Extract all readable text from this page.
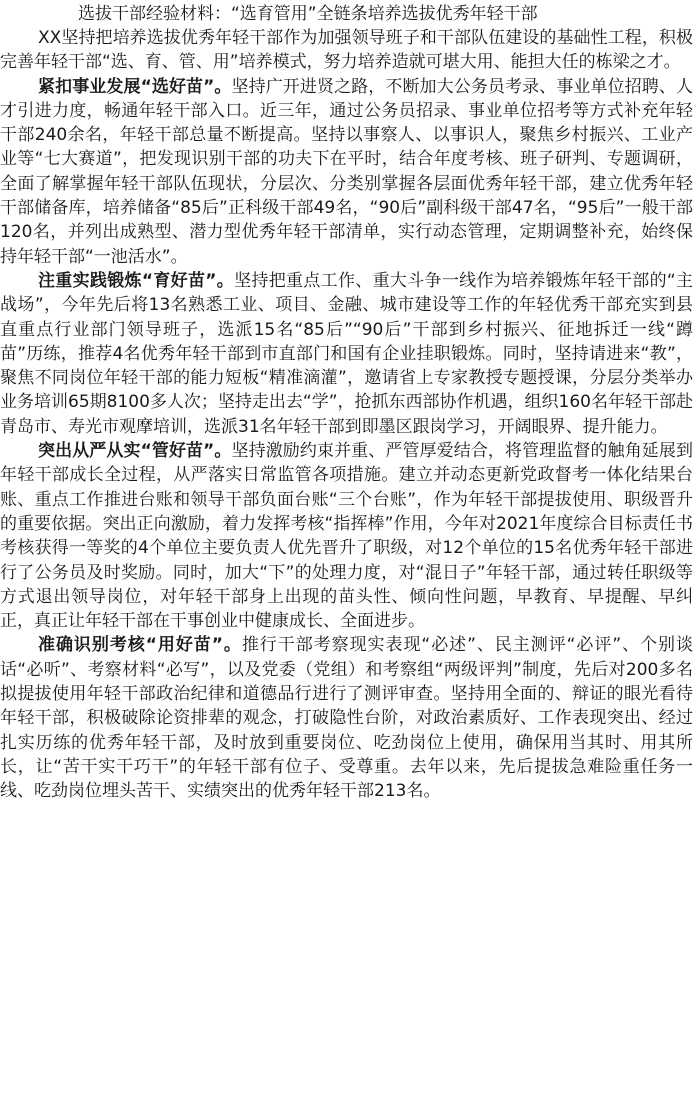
选拔干部经验材料：“选育管用”全链条培养选拔优秀年轻干部

XX坚持把培养选拔优秀年轻干部作为加强领导班子和干部队伍建设的基础性工程，积极完善年轻干部“选、育、管、用”培养模式，努力培养造就可堪大用、能担大任的栋梁之才。

紧扣事业发展“选好苗”。坚持广开进贤之路，不断加大公务员考录、事业单位招聘、人才引进力度，畅通年轻干部入口。近三年，通过公务员招录、事业单位招考等方式补充年轻干部240余名，年轻干部总量不断提高。坚持以事察人、以事识人，聚焦乡村振兴、工业产业等“七大赛道”，把发现识别干部的功夫下在平时，结合年度考核、班子研判、专题调研，全面了解掌握年轻干部队伍现状，分层次、分类别掌握各层面优秀年轻干部，建立优秀年轻干部储备库，培养储备“85后”正科级干部49名，“90后”副科级干部47名，“95后”一般干部120名，并列出成熟型、潜力型优秀年轻干部清单，实行动态管理，定期调整补充，始终保持年轻干部“一池活水”。

注重实践锻炼“育好苗”。坚持把重点工作、重大斗争一线作为培养锻炼年轻干部的“主战场”，今年先后将13名熟悉工业、项目、金融、城市建设等工作的年轻优秀干部充实到县直重点行业部门领导班子，选派15名“85后”“90后”干部到乡村振兴、征地拆迁一线“蹲苗”历练，推荐4名优秀年轻干部到市直部门和国有企业挂职锻炼。同时，坚持请进来“教”，聚焦不同岗位年轻干部的能力短板“精准滴灌”，邀请省上专家教授专题授课，分层分类举办业务培训65期8100多人次；坚持走出去“学”，抢抓东西部协作机遇，组织160名年轻干部赴青岛市、寿光市观摩培训，选派31名年轻干部到即墨区跟岗学习，开阔眼界、提升能力。

突出从严从实“管好苗”。坚持激励约束并重、严管厚爱结合，将管理监督的触角延展到年轻干部成长全过程，从严落实日常监管各项措施。建立并动态更新党政督考一体化结果台账、重点工作推进台账和领导干部负面台账“三个台账”，作为年轻干部提拔使用、职级晋升的重要依据。突出正向激励，着力发挥考核“指挥棒”作用，今年对2021年度综合目标责任书考核获得一等奖的4个单位主要负责人优先晋升了职级，对12个单位的15名优秀年轻干部进行了公务员及时奖励。同时，加大“下”的处理力度，对“混日子”年轻干部，通过转任职级等方式退出领导岗位，对年轻干部身上出现的苗头性、倾向性问题，早教育、早提醒、早纠正，真正让年轻干部在干事创业中健康成长、全面进步。

准确识别考核“用好苗”。推行干部考察现实表现“必述”、民主测评“必评”、个别谈话“必听”、考察材料“必写”，以及党委（党组）和考察组“两级评判”制度，先后对200多名拟提拔使用年轻干部政治纪律和道德品行进行了测评审查。坚持用全面的、辩证的眼光看待年轻干部，积极破除论资排辈的观念，打破隐性台阶，对政治素质好、工作表现突出、经过扎实历练的优秀年轻干部，及时放到重要岗位、吃劲岗位上使用，确保用当其时、用其所长，让“苦干实干巧干”的年轻干部有位子、受尊重。去年以来，先后提拔急难险重任务一线、吃劲岗位埋头苦干、实绩突出的优秀年轻干部213名。
